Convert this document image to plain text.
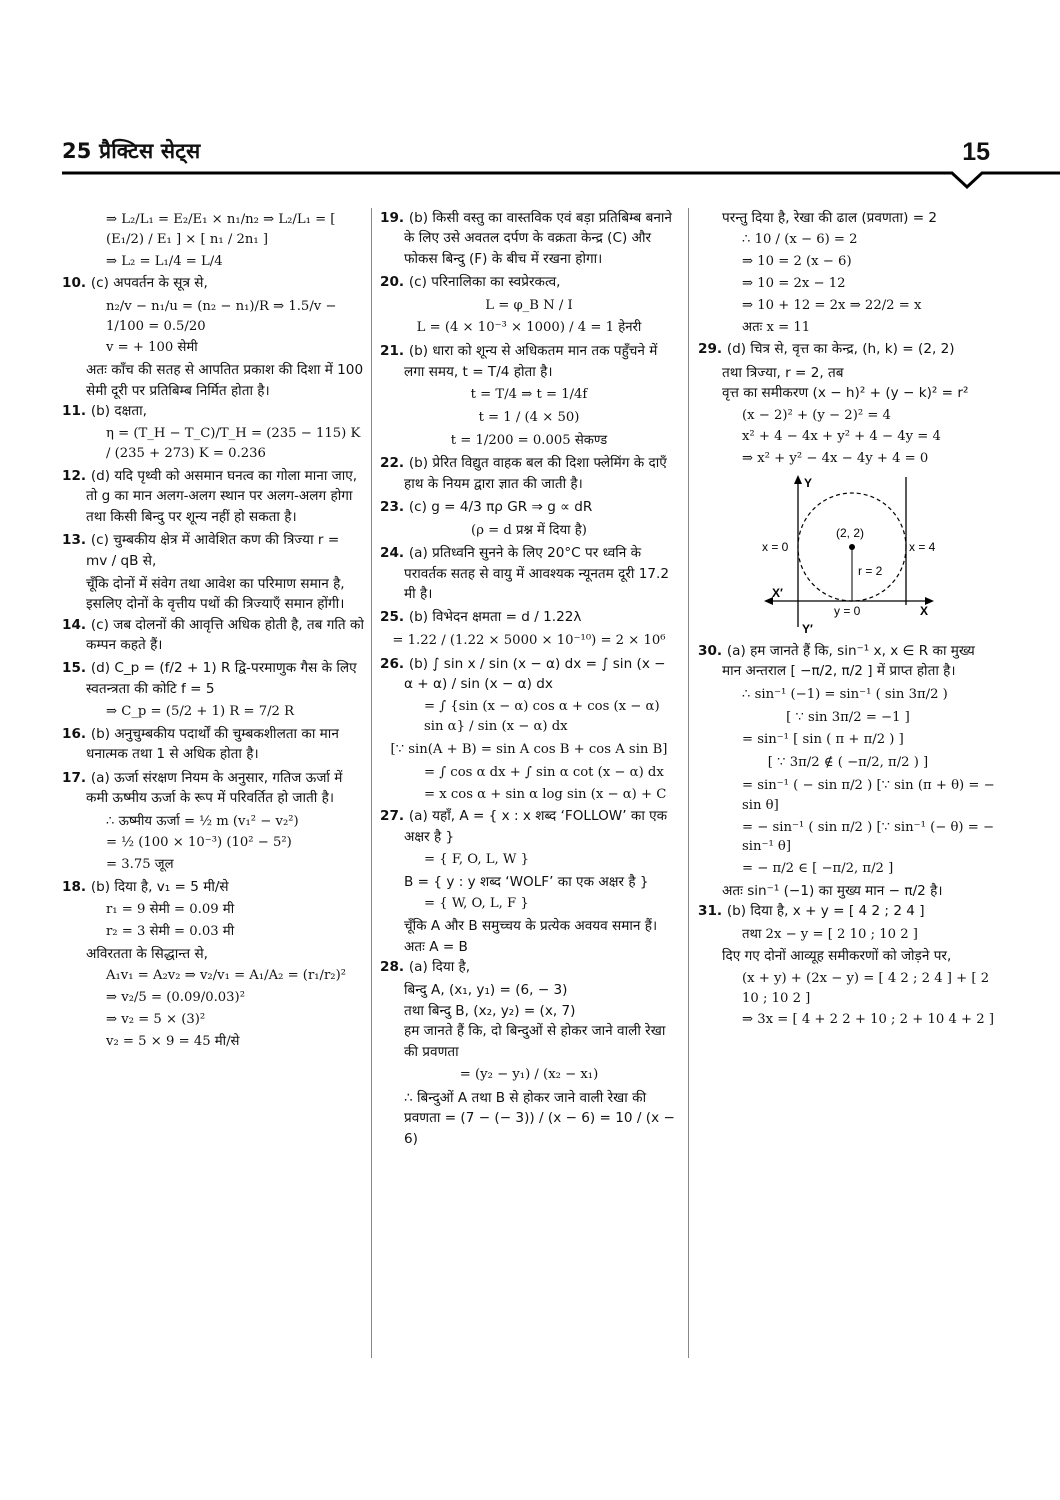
25 प्रैक्टिस सेट्स	15

⇒ L₂/L₁ = E₂/E₁ × n₁/n₂ ⇒ L₂/L₁ = [ (E₁/2) / E₁ ] × [ n₁ / 2n₁ ]

⇒ L₂ = L₁/4 = L/4

10. (c) अपवर्तन के सूत्र से,

n₂/v − n₁/u = (n₂ − n₁)/R ⇒ 1.5/v − 1/100 = 0.5/20

v = + 100 सेमी

अतः काँच की सतह से आपतित प्रकाश की दिशा में 100 सेमी दूरी पर प्रतिबिम्ब निर्मित होता है।

11. (b) दक्षता,

η = (T_H − T_C)/T_H = (235 − 115) K / (235 + 273) K = 0.236

12. (d) यदि पृथ्वी को असमान घनत्व का गोला माना जाए, तो g का मान अलग-अलग स्थान पर अलग-अलग होगा तथा किसी बिन्दु पर शून्य नहीं हो सकता है।

13. (c) चुम्बकीय क्षेत्र में आवेशित कण की त्रिज्या r = mv / qB से,

चूँकि दोनों में संवेग तथा आवेश का परिमाण समान है, इसलिए दोनों के वृत्तीय पथों की त्रिज्याएँ समान होंगी।

14. (c) जब दोलनों की आवृत्ति अधिक होती है, तब गति को कम्पन कहते हैं।

15. (d) C_p = (f/2 + 1) R द्वि-परमाणुक गैस के लिए स्वतन्त्रता की कोटि f = 5

⇒ C_p = (5/2 + 1) R = 7/2 R

16. (b) अनुचुम्बकीय पदार्थों की चुम्बकशीलता का मान धनात्मक तथा 1 से अधिक होता है।

17. (a) ऊर्जा संरक्षण नियम के अनुसार, गतिज ऊर्जा में कमी ऊष्मीय ऊर्जा के रूप में परिवर्तित हो जाती है।

∴ ऊष्मीय ऊर्जा = ½ m (v₁² − v₂²)

= ½ (100 × 10⁻³) (10² − 5²)

= 3.75 जूल

18. (b) दिया है, v₁ = 5 मी/से

r₁ = 9 सेमी = 0.09 मी

r₂ = 3 सेमी = 0.03 मी

अविरतता के सिद्धान्त से,

A₁v₁ = A₂v₂ ⇒ v₂/v₁ = A₁/A₂ = (r₁/r₂)²

⇒ v₂/5 = (0.09/0.03)²

⇒ v₂ = 5 × (3)²

v₂ = 5 × 9 = 45 मी/से

19. (b) किसी वस्तु का वास्तविक एवं बड़ा प्रतिबिम्ब बनाने के लिए उसे अवतल दर्पण के वक्रता केन्द्र (C) और फोकस बिन्दु (F) के बीच में रखना होगा।

20. (c) परिनालिका का स्वप्रेरकत्व,

L = φ_B N / I

L = (4 × 10⁻³ × 1000) / 4 = 1 हेनरी

21. (b) धारा को शून्य से अधिकतम मान तक पहुँचने में लगा समय, t = T/4 होता है।

t = T/4 ⇒ t = 1/4f

t = 1 / (4 × 50)

t = 1/200 = 0.005 सेकण्ड

22. (b) प्रेरित विद्युत वाहक बल की दिशा फ्लेमिंग के दाएँ हाथ के नियम द्वारा ज्ञात की जाती है।

23. (c) g = 4/3 πρ GR ⇒ g ∝ dR

(ρ = d प्रश्न में दिया है)

24. (a) प्रतिध्वनि सुनने के लिए 20°C पर ध्वनि के परावर्तक सतह से वायु में आवश्यक न्यूनतम दूरी 17.2 मी है।

25. (b) विभेदन क्षमता = d / 1.22λ

= 1.22 / (1.22 × 5000 × 10⁻¹⁰) = 2 × 10⁶

26. (b) ∫ sin x / sin (x − α) dx = ∫ sin (x − α + α) / sin (x − α) dx

= ∫ {sin (x − α) cos α + cos (x − α) sin α} / sin (x − α) dx

[∵ sin(A + B) = sin A cos B + cos A sin B]

= ∫ cos α dx + ∫ sin α cot (x − α) dx

= x cos α + sin α log sin (x − α) + C

27. (a) यहाँ, A = { x : x शब्द ‘FOLLOW’ का एक अक्षर है }

= { F, O, L, W }

B = { y : y शब्द ‘WOLF’ का एक अक्षर है }

= { W, O, L, F }

चूँकि A और B समुच्चय के प्रत्येक अवयव समान हैं।

अतः A = B

28. (a) दिया है,

बिन्दु A, (x₁, y₁) = (6, − 3)

तथा बिन्दु B, (x₂, y₂) = (x, 7)

हम जानते हैं कि, दो बिन्दुओं से होकर जाने वाली रेखा की प्रवणता

= (y₂ − y₁) / (x₂ − x₁)

∴ बिन्दुओं A तथा B से होकर जाने वाली रेखा की प्रवणता = (7 − (− 3)) / (x − 6) = 10 / (x − 6)

परन्तु दिया है, रेखा की ढाल (प्रवणता) = 2

∴ 10 / (x − 6) = 2

⇒ 10 = 2 (x − 6)

⇒ 10 = 2x − 12

⇒ 10 + 12 = 2x ⇒ 22/2 = x

अतः x = 11

29. (d) चित्र से, वृत्त का केन्द्र, (h, k) = (2, 2)

तथा त्रिज्या, r = 2, तब

वृत्त का समीकरण (x − h)² + (y − k)² = r²

(x − 2)² + (y − 2)² = 4

x² + 4 − 4x + y² + 4 − 4y = 4

⇒ x² + y² − 4x − 4y + 4 = 0

x = 0	x = 4
(2, 2)
r = 2
y = 0
X′
X
Y
Y′

30. (a) हम जानते हैं कि, sin⁻¹ x, x ∈ R का मुख्य मान अन्तराल [ −π/2, π/2 ] में प्राप्त होता है।

∴ sin⁻¹ (−1) = sin⁻¹ ( sin 3π/2 )

[ ∵ sin 3π/2 = −1 ]

= sin⁻¹ [ sin ( π + π/2 ) ]

[ ∵ 3π/2 ∉ ( −π/2, π/2 ) ]

= sin⁻¹ ( − sin π/2 ) [∵ sin (π + θ) = − sin θ]

= − sin⁻¹ ( sin π/2 ) [∵ sin⁻¹ (− θ) = − sin⁻¹ θ]

= − π/2 ∈ [ −π/2, π/2 ]

अतः sin⁻¹ (−1) का मुख्य मान − π/2 है।

31. (b) दिया है, x + y = [ 4 2 ; 2 4 ]

तथा 2x − y = [ 2 10 ; 10 2 ]

दिए गए दोनों आव्यूह समीकरणों को जोड़ने पर,

(x + y) + (2x − y) = [ 4 2 ; 2 4 ] + [ 2 10 ; 10 2 ]

⇒ 3x = [ 4 + 2 2 + 10 ; 2 + 10 4 + 2 ]
